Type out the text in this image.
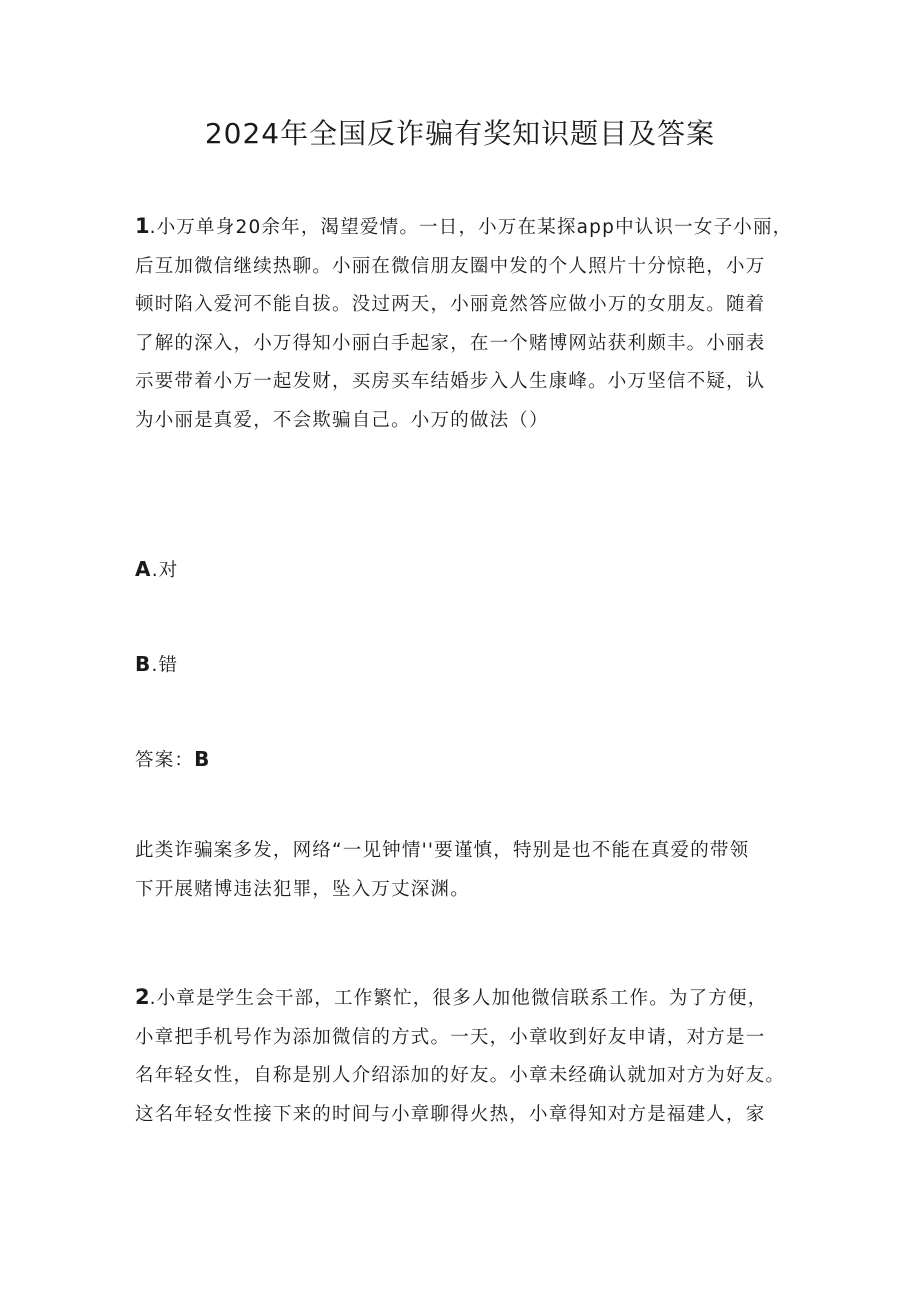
2024年全国反诈骗有奖知识题目及答案
1.小万单身20余年，渴望爱情。一日，小万在某探app中认识一女子小丽，
后互加微信继续热聊。小丽在微信朋友圈中发的个人照片十分惊艳，小万
顿时陷入爱河不能自拔。没过两天，小丽竟然答应做小万的女朋友。随着
了解的深入，小万得知小丽白手起家，在一个赌博网站获利颇丰。小丽表
示要带着小万一起发财，买房买车结婚步入人生康峰。小万坚信不疑，认
为小丽是真爱，不会欺骗自己。小万的做法（）
A.对
B.错
答案：B
此类诈骗案多发，网络“一见钟情''要谨慎，特别是也不能在真爱的带领
下开展赌博违法犯罪，坠入万丈深渊。
2.小章是学生会干部，工作繁忙，很多人加他微信联系工作。为了方便，
小章把手机号作为添加微信的方式。一天，小章收到好友申请，对方是一
名年轻女性，自称是别人介绍添加的好友。小章未经确认就加对方为好友。
这名年轻女性接下来的时间与小章聊得火热，小章得知对方是福建人，家
